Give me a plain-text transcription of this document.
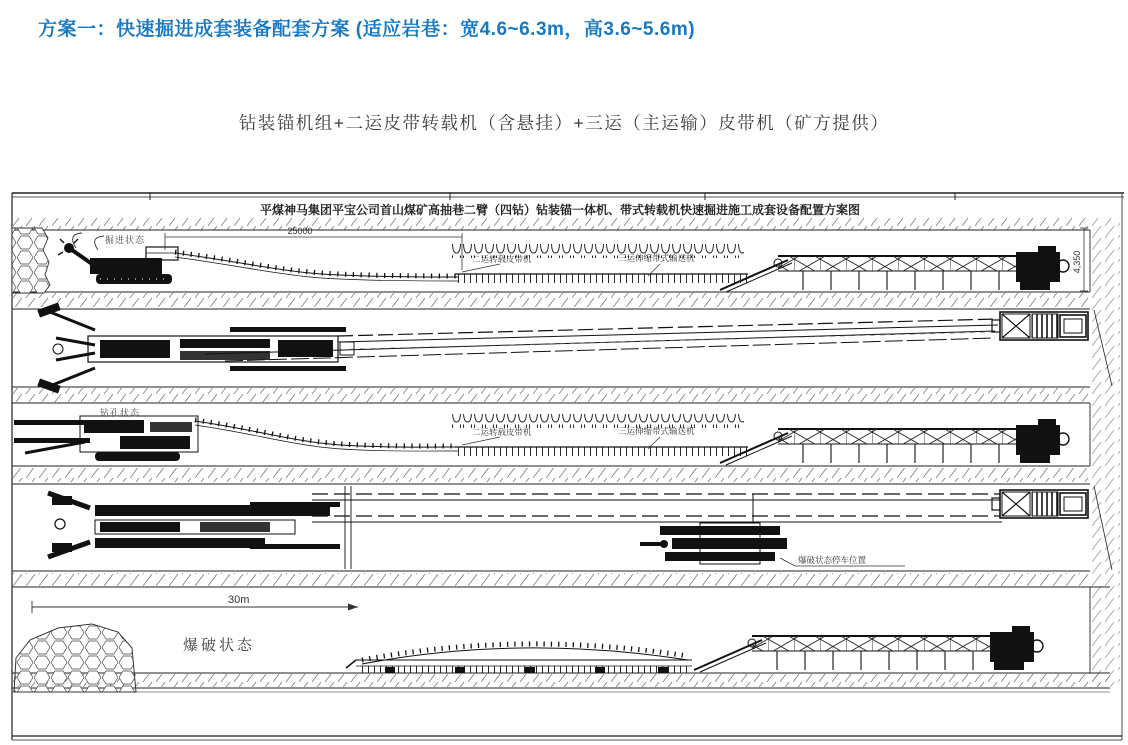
方案一：快速掘进成套装备配套方案 (适应岩巷：宽4.6~6.3m，高3.6~5.6m)
钻装锚机组+二运皮带转载机（含悬挂）+三运（主运输）皮带机（矿方提供）
平煤神马集团平宝公司首山煤矿高抽巷二臂（四钻）钻装锚一体机、带式转载机快速掘进施工成套设备配置方案图
25000
4,350
掘进状态
二运转载皮带机	三运伸缩带式输送机
钻孔状态
二运转载皮带机	三运伸缩带式输送机
爆破状态停车位置
30m
爆破状态
